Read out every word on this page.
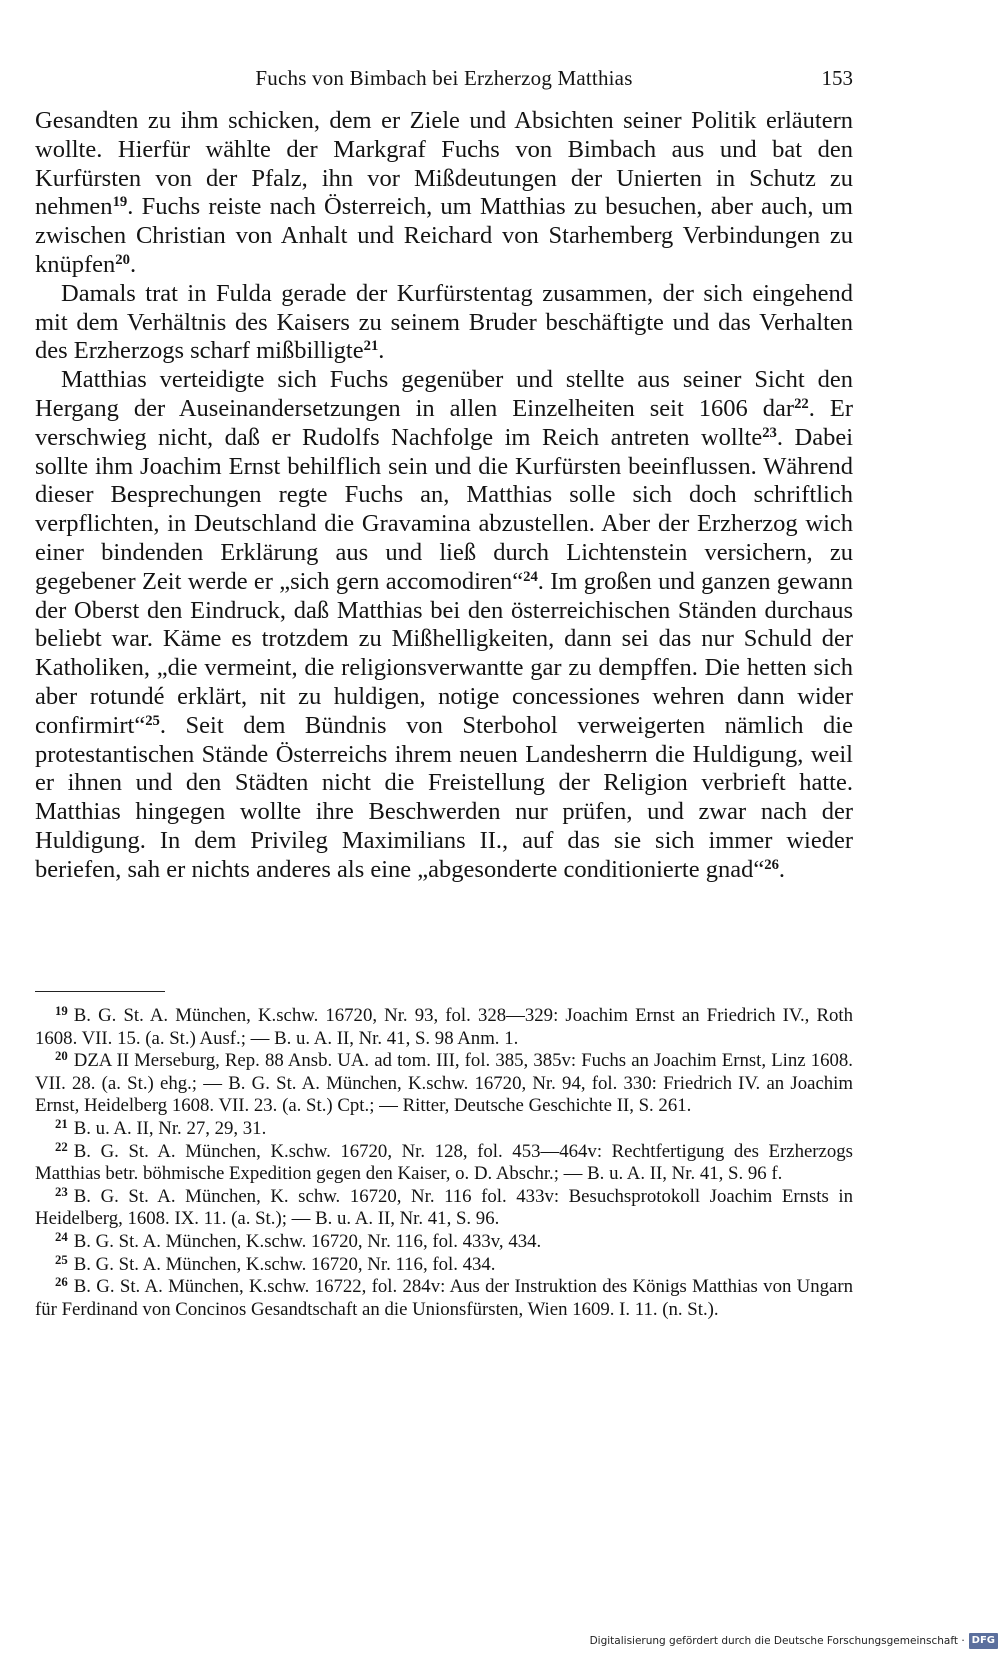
Fuchs von Bimbach bei Erzherzog Matthias	153

Gesandten zu ihm schicken, dem er Ziele und Absichten seiner Politik erläutern wollte. Hierfür wählte der Markgraf Fuchs von Bimbach aus und bat den Kurfürsten von der Pfalz, ihn vor Mißdeutungen der Unierten in Schutz zu nehmen$^{19}$. Fuchs reiste nach Österreich, um Matthias zu besuchen, aber auch, um zwischen Christian von Anhalt und Reichard von Starhemberg Verbindungen zu knüpfen$^{20}$.

Damals trat in Fulda gerade der Kurfürstentag zusammen, der sich eingehend mit dem Verhältnis des Kaisers zu seinem Bruder beschäftigte und das Verhalten des Erzherzogs scharf mißbilligte$^{21}$.

Matthias verteidigte sich Fuchs gegenüber und stellte aus seiner Sicht den Hergang der Auseinandersetzungen in allen Einzelheiten seit 1606 dar$^{22}$. Er verschwieg nicht, daß er Rudolfs Nachfolge im Reich antreten wollte$^{23}$. Dabei sollte ihm Joachim Ernst behilflich sein und die Kurfürsten beeinflussen. Während dieser Besprechungen regte Fuchs an, Matthias solle sich doch schriftlich verpflichten, in Deutschland die Gravamina abzustellen. Aber der Erzherzog wich einer bindenden Erklärung aus und ließ durch Lichtenstein versichern, zu gegebener Zeit werde er „sich gern accomodiren“$^{24}$. Im großen und ganzen gewann der Oberst den Eindruck, daß Matthias bei den österreichischen Ständen durchaus beliebt war. Käme es trotzdem zu Mißhelligkeiten, dann sei das nur Schuld der Katholiken, „die vermeint, die religionsverwantte gar zu dempffen. Die hetten sich aber rotundé erklärt, nit zu huldigen, notige concessiones wehren dann wider confirmirt“$^{25}$. Seit dem Bündnis von Sterbohol verweigerten nämlich die protestantischen Stände Österreichs ihrem neuen Landesherrn die Huldigung, weil er ihnen und den Städten nicht die Freistellung der Religion verbrieft hatte. Matthias hingegen wollte ihre Beschwerden nur prüfen, und zwar nach der Huldigung. In dem Privileg Maximilians II., auf das sie sich immer wieder beriefen, sah er nichts anderes als eine „abgesonderte conditionierte gnad“$^{26}$.

$^{19}$ B. G. St. A. München, K.schw. 16720, Nr. 93, fol. 328—329: Joachim Ernst an Friedrich IV., Roth 1608. VII. 15. (a. St.) Ausf.; — B. u. A. II, Nr. 41, S. 98 Anm. 1.

$^{20}$ DZA II Merseburg, Rep. 88 Ansb. UA. ad tom. III, fol. 385, 385v: Fuchs an Joachim Ernst, Linz 1608. VII. 28. (a. St.) ehg.; — B. G. St. A. München, K.schw. 16720, Nr. 94, fol. 330: Friedrich IV. an Joachim Ernst, Heidelberg 1608. VII. 23. (a. St.) Cpt.; — Ritter, Deutsche Geschichte II, S. 261.

$^{21}$ B. u. A. II, Nr. 27, 29, 31.

$^{22}$ B. G. St. A. München, K.schw. 16720, Nr. 128, fol. 453—464v: Rechtfertigung des Erzherzogs Matthias betr. böhmische Expedition gegen den Kaiser, o. D. Abschr.; — B. u. A. II, Nr. 41, S. 96 f.

$^{23}$ B. G. St. A. München, K. schw. 16720, Nr. 116 fol. 433v: Besuchsprotokoll Joachim Ernsts in Heidelberg, 1608. IX. 11. (a. St.); — B. u. A. II, Nr. 41, S. 96.

$^{24}$ B. G. St. A. München, K.schw. 16720, Nr. 116, fol. 433v, 434.

$^{25}$ B. G. St. A. München, K.schw. 16720, Nr. 116, fol. 434.

$^{26}$ B. G. St. A. München, K.schw. 16722, fol. 284v: Aus der Instruktion des Königs Matthias von Ungarn für Ferdinand von Concinos Gesandtschaft an die Unionsfürsten, Wien 1609. I. 11. (n. St.).

Digitalisierung gefördert durch die Deutsche Forschungsgemeinschaft · DFG
